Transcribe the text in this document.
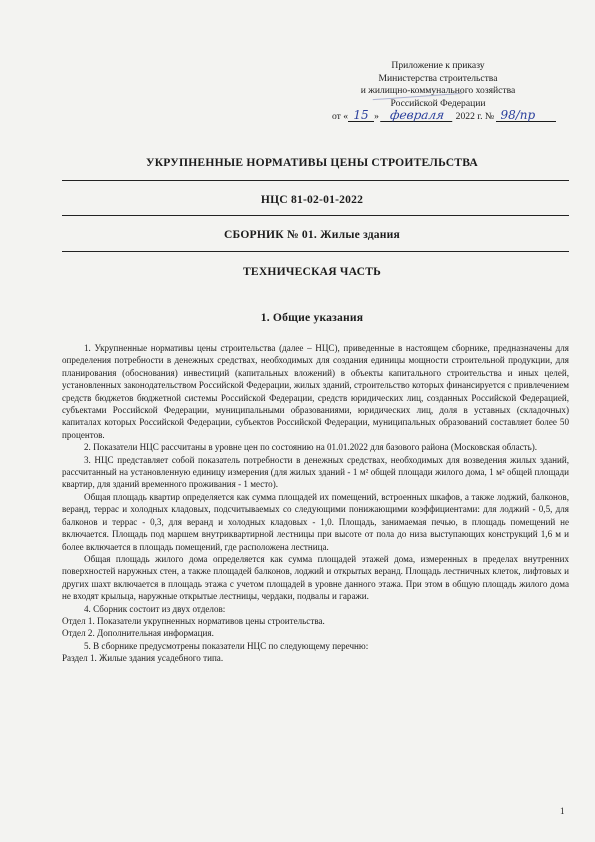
Приложение к приказу
Министерства строительства
и жилищно-коммунального хозяйства
Российской Федерации
от « 15 » февраля 2022 г. № 98/пр
УКРУПНЕННЫЕ НОРМАТИВЫ ЦЕНЫ СТРОИТЕЛЬСТВА
НЦС 81-02-01-2022
СБОРНИК № 01. Жилые здания
ТЕХНИЧЕСКАЯ ЧАСТЬ
1. Общие указания

1. Укрупненные нормативы цены строительства (далее – НЦС), приведенные в настоящем сборнике, предназначены для определения потребности в денежных средствах, необходимых для создания единицы мощности строительной продукции, для планирования (обоснования) инвестиций (капитальных вложений) в объекты капитального строительства и иных целей, установленных законодательством Российской Федерации, жилых зданий, строительство которых финансируется с привлечением средств бюджетов бюджетной системы Российской Федерации, средств юридических лиц, созданных Российской Федерацией, субъектами Российской Федерации, муниципальными образованиями, юридических лиц, доля в уставных (складочных) капиталах которых Российской Федерации, субъектов Российской Федерации, муниципальных образований составляет более 50 процентов.

2. Показатели НЦС рассчитаны в уровне цен по состоянию на 01.01.2022 для базового района (Московская область).

3. НЦС представляет собой показатель потребности в денежных средствах, необходимых для возведения жилых зданий, рассчитанный на установленную единицу измерения (для жилых зданий - 1 м² общей площади жилого дома, 1 м² общей площади квартир, для зданий временного проживания - 1 место).

Общая площадь квартир определяется как сумма площадей их помещений, встроенных шкафов, а также лоджий, балконов, веранд, террас и холодных кладовых, подсчитываемых со следующими понижающими коэффициентами: для лоджий - 0,5, для балконов и террас - 0,3, для веранд и холодных кладовых - 1,0. Площадь, занимаемая печью, в площадь помещений не включается. Площадь под маршем внутриквартирной лестницы при высоте от пола до низа выступающих конструкций 1,6 м и более включается в площадь помещений, где расположена лестница.

Общая площадь жилого дома определяется как сумма площадей этажей дома, измеренных в пределах внутренних поверхностей наружных стен, а также площадей балконов, лоджий и открытых веранд. Площадь лестничных клеток, лифтовых и других шахт включается в площадь этажа с учетом площадей в уровне данного этажа. При этом в общую площадь жилого дома не входят крыльца, наружные открытые лестницы, чердаки, подвалы и гаражи.

4. Сборник состоит из двух отделов:

Отдел 1. Показатели укрупненных нормативов цены строительства.

Отдел 2. Дополнительная информация.

5. В сборнике предусмотрены показатели НЦС по следующему перечню:

Раздел 1. Жилые здания усадебного типа.

1
